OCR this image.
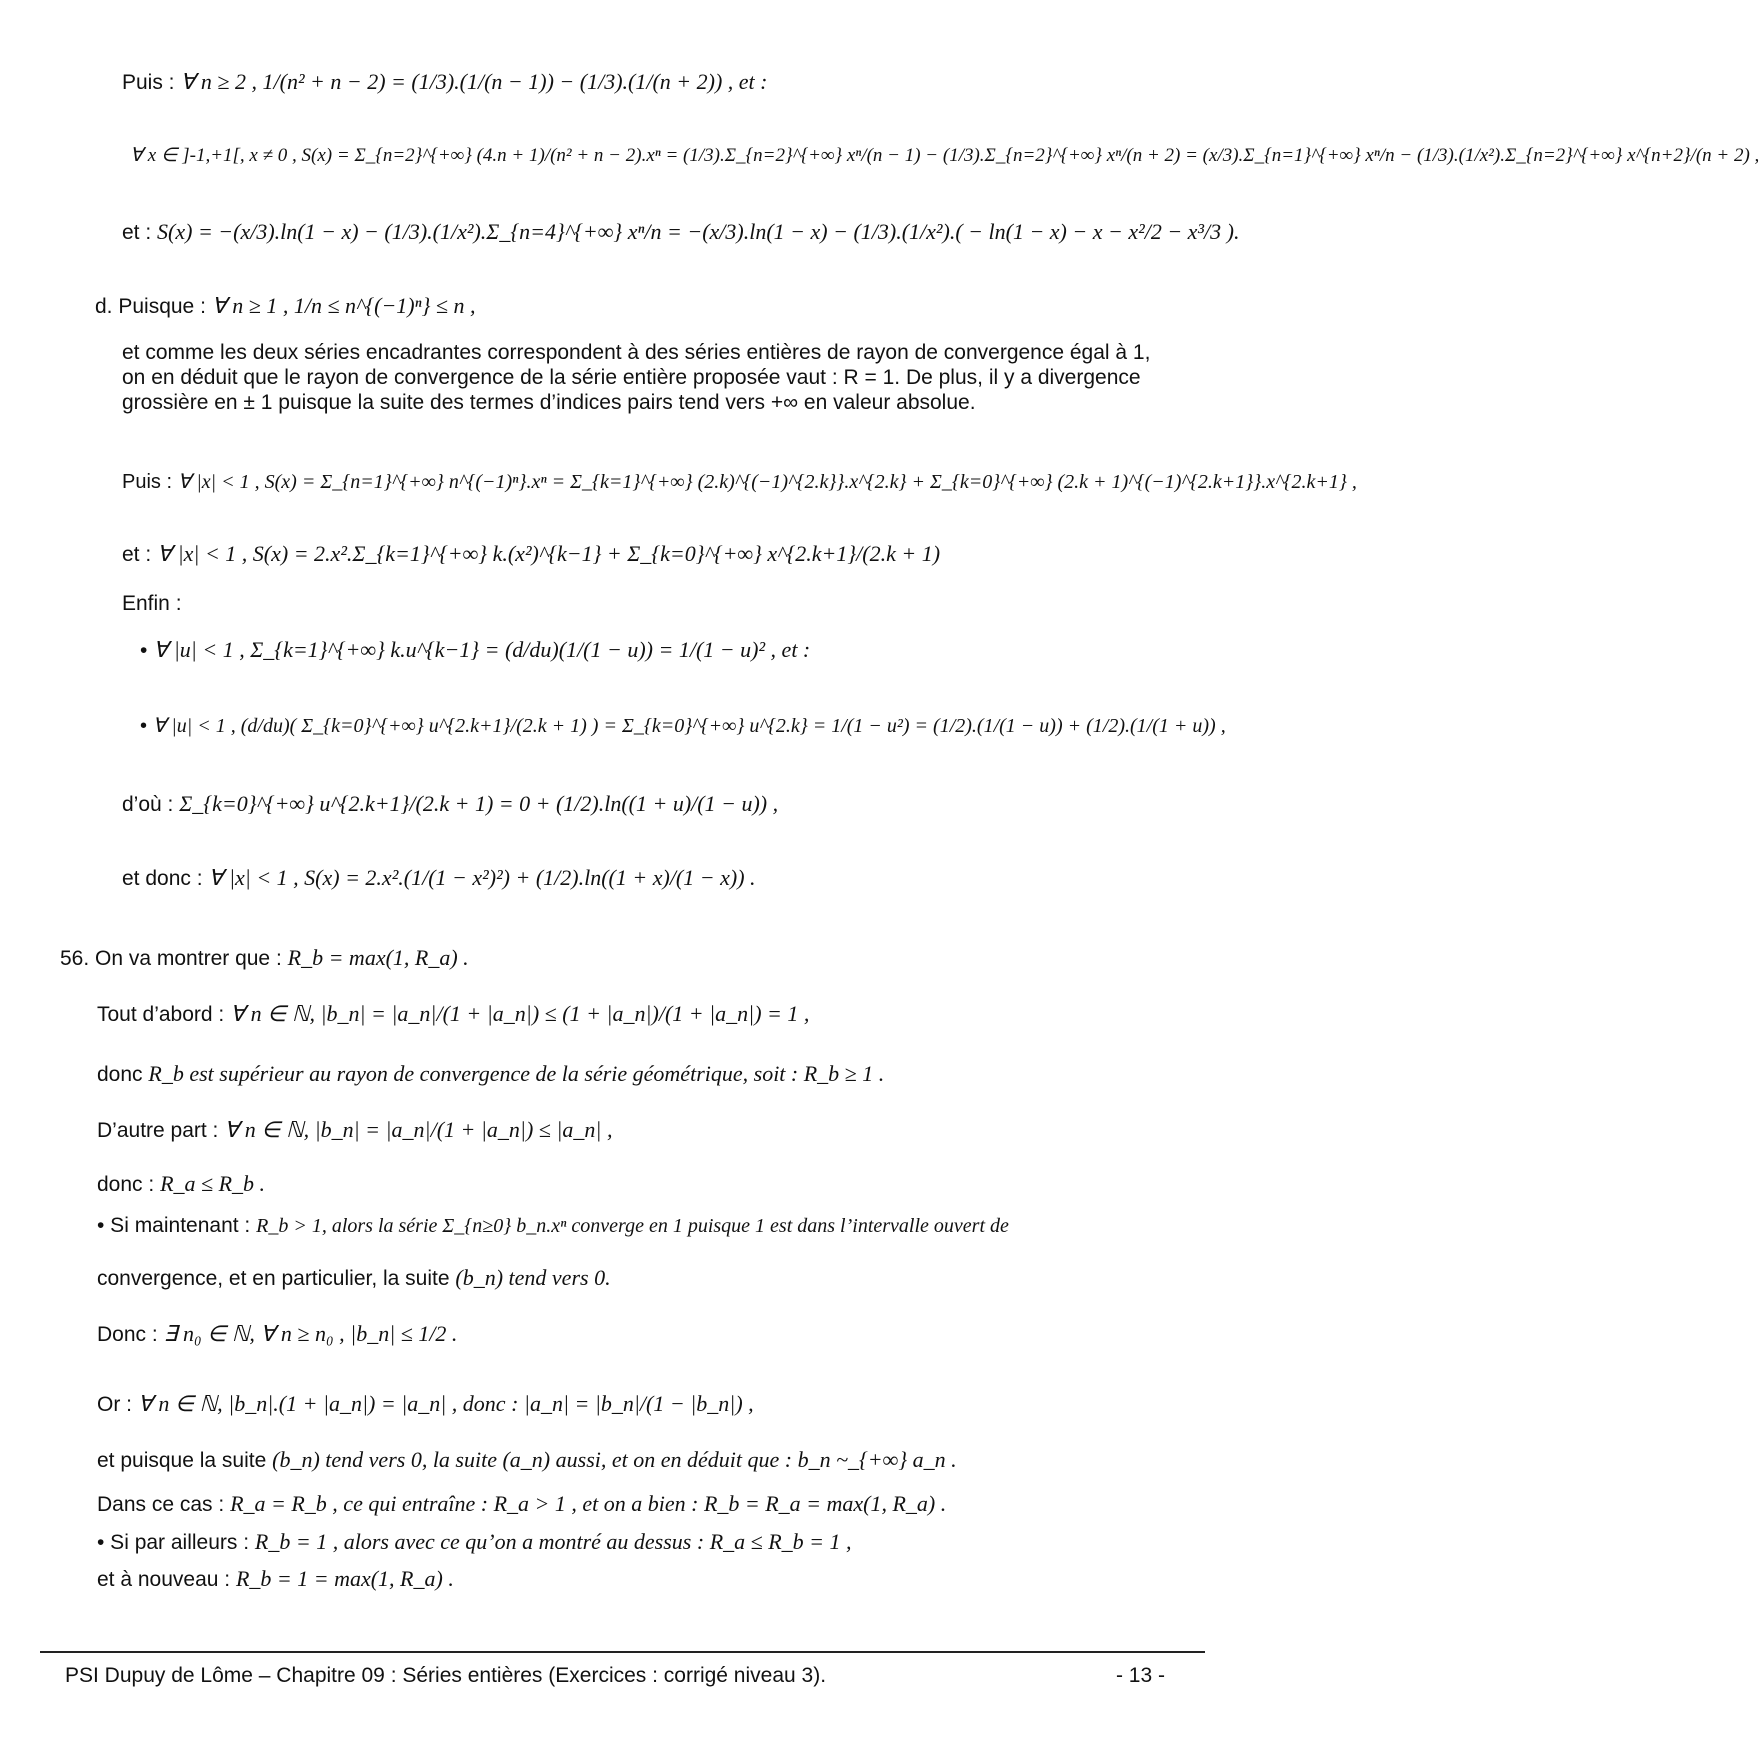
Puis : ∀ n ≥ 2 , 1/(n² + n − 2) = (1/3).(1/(n − 1)) − (1/3).(1/(n + 2)) , et :
∀ x ∈ ]-1,+1[, x ≠ 0 , S(x) = Σ_{n=2}^{+∞} (4.n + 1)/(n² + n − 2).xⁿ = (1/3).Σ_{n=2}^{+∞} xⁿ/(n − 1) − (1/3).Σ_{n=2}^{+∞} xⁿ/(n + 2) = (x/3).Σ_{n=1}^{+∞} xⁿ/n − (1/3).(1/x²).Σ_{n=2}^{+∞} x^{n+2}/(n + 2) ,
et : S(x) = −(x/3).ln(1 − x) − (1/3).(1/x²).Σ_{n=4}^{+∞} xⁿ/n = −(x/3).ln(1 − x) − (1/3).(1/x²).( − ln(1 − x) − x − x²/2 − x³/3 ).
d. Puisque : ∀ n ≥ 1 , 1/n ≤ n^{(−1)ⁿ} ≤ n ,
et comme les deux séries encadrantes correspondent à des séries entières de rayon de convergence égal à 1, on en déduit que le rayon de convergence de la série entière proposée vaut : R = 1. De plus, il y a divergence grossière en ± 1 puisque la suite des termes d’indices pairs tend vers +∞ en valeur absolue.
Puis : ∀ |x| < 1 , S(x) = Σ_{n=1}^{+∞} n^{(−1)ⁿ}.xⁿ = Σ_{k=1}^{+∞} (2.k)^{(−1)^{2.k}}.x^{2.k} + Σ_{k=0}^{+∞} (2.k + 1)^{(−1)^{2.k+1}}.x^{2.k+1} ,
et : ∀ |x| < 1 , S(x) = 2.x².Σ_{k=1}^{+∞} k.(x²)^{k−1} + Σ_{k=0}^{+∞} x^{2.k+1}/(2.k + 1)
Enfin :
• ∀ |u| < 1 , Σ_{k=1}^{+∞} k.u^{k−1} = (d/du)(1/(1 − u)) = 1/(1 − u)² , et :
• ∀ |u| < 1 , (d/du)( Σ_{k=0}^{+∞} u^{2.k+1}/(2.k + 1) ) = Σ_{k=0}^{+∞} u^{2.k} = 1/(1 − u²) = (1/2).(1/(1 − u)) + (1/2).(1/(1 + u)) ,
d’où : Σ_{k=0}^{+∞} u^{2.k+1}/(2.k + 1) = 0 + (1/2).ln((1 + u)/(1 − u)) ,
et donc : ∀ |x| < 1 , S(x) = 2.x².(1/(1 − x²)²) + (1/2).ln((1 + x)/(1 − x)) .
56. On va montrer que : R_b = max(1, R_a) .
Tout d’abord : ∀ n ∈ ℕ, |b_n| = |a_n|/(1 + |a_n|) ≤ (1 + |a_n|)/(1 + |a_n|) = 1 ,
donc R_b est supérieur au rayon de convergence de la série géométrique, soit : R_b ≥ 1 .
D’autre part : ∀ n ∈ ℕ, |b_n| = |a_n|/(1 + |a_n|) ≤ |a_n| ,
donc : R_a ≤ R_b .
• Si maintenant : R_b > 1, alors la série Σ_{n≥0} b_n.xⁿ converge en 1 puisque 1 est dans l’intervalle ouvert de
convergence, et en particulier, la suite (b_n) tend vers 0.
Donc : ∃ n₀ ∈ ℕ, ∀ n ≥ n₀ , |b_n| ≤ 1/2 .
Or : ∀ n ∈ ℕ, |b_n|.(1 + |a_n|) = |a_n| , donc : |a_n| = |b_n|/(1 − |b_n|) ,
et puisque la suite (b_n) tend vers 0, la suite (a_n) aussi, et on en déduit que : b_n ~_{+∞} a_n .
Dans ce cas : R_a = R_b , ce qui entraîne : R_a > 1 , et on a bien : R_b = R_a = max(1, R_a) .
• Si par ailleurs : R_b = 1 , alors avec ce qu’on a montré au dessus : R_a ≤ R_b = 1 ,
et à nouveau : R_b = 1 = max(1, R_a) .
PSI Dupuy de Lôme – Chapitre 09 : Séries entières (Exercices : corrigé niveau 3).	- 13 -
